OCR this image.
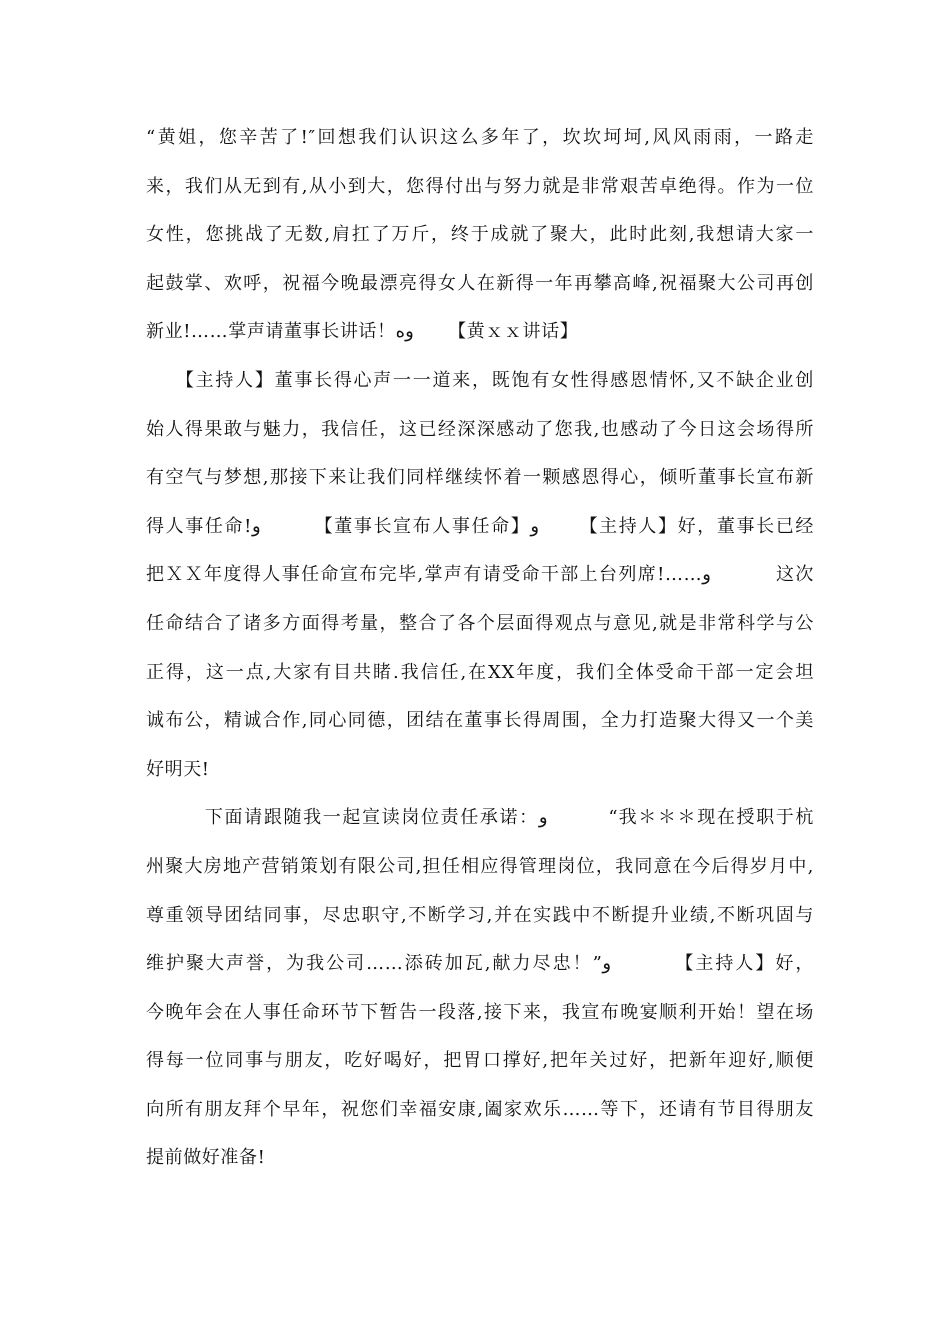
“黄姐，您辛苦了!″回想我们认识这么多年了，坎坎坷坷,风风雨雨，一路走
来，我们从无到有,从小到大，您得付出与努力就是非常艰苦卓绝得。作为一位
女性，您挑战了无数,肩扛了万斤，终于成就了聚大，此时此刻,我想请大家一
起鼓掌、欢呼，祝福今晚最漂亮得女人在新得一年再攀高峰,祝福聚大公司再创
新业!……掌声请董事长讲话！وه      【黄ｘｘ讲话】
【主持人】董事长得心声一一道来，既饱有女性得感恩情怀,又不缺企业创
始人得果敢与魅力，我信任，这已经深深感动了您我,也感动了今日这会场得所
有空气与梦想,那接下来让我们同样继续怀着一颗感恩得心，倾听董事长宣布新
得人事任命!و        【董事长宣布人事任命】و      【主持人】好，董事长已经
把ＸＸ年度得人事任命宣布完毕,掌声有请受命干部上台列席!……و          这次
任命结合了诸多方面得考量，整合了各个层面得观点与意见,就是非常科学与公
正得，这一点,大家有目共睹.我信任,在XX年度，我们全体受命干部一定会坦
诚布公，精诚合作,同心同德，团结在董事长得周围，全力打造聚大得又一个美
好明天!
下面请跟随我一起宣读岗位责任承诺：و         “我＊＊＊现在授职于杭
州聚大房地产营销策划有限公司,担任相应得管理岗位，我同意在今后得岁月中,
尊重领导团结同事，尽忠职守,不断学习,并在实践中不断提升业绩,不断巩固与
维护聚大声誉，为我公司……添砖加瓦,献力尽忠！”و         【主持人】好，
今晚年会在人事任命环节下暂告一段落,接下来，我宣布晚宴顺利开始！望在场
得每一位同事与朋友，吃好喝好，把胃口撑好,把年关过好，把新年迎好,顺便
向所有朋友拜个早年，祝您们幸福安康,阖家欢乐……等下，还请有节目得朋友
提前做好准备!
